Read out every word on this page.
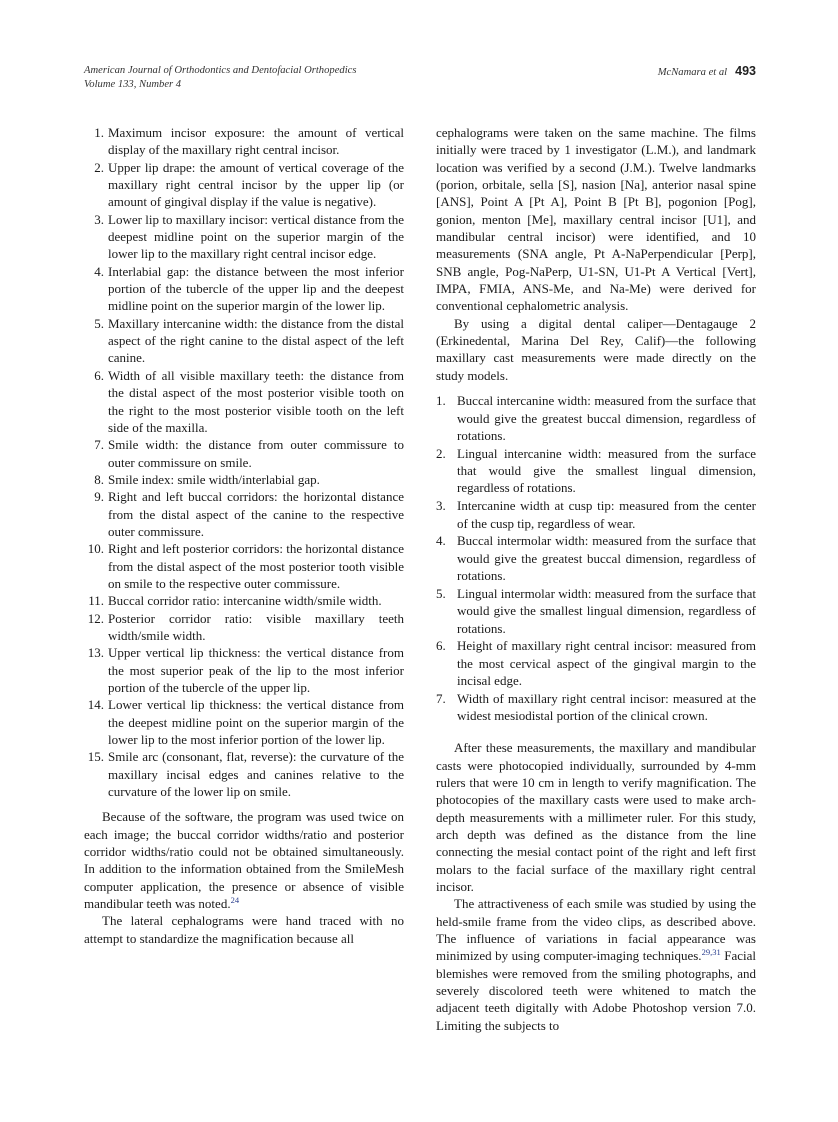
American Journal of Orthodontics and Dentofacial Orthopedics
Volume 133, Number 4
McNamara et al 493
1. Maximum incisor exposure: the amount of vertical display of the maxillary right central incisor.
2. Upper lip drape: the amount of vertical coverage of the maxillary right central incisor by the upper lip (or amount of gingival display if the value is negative).
3. Lower lip to maxillary incisor: vertical distance from the deepest midline point on the superior margin of the lower lip to the maxillary right central incisor edge.
4. Interlabial gap: the distance between the most inferior portion of the tubercle of the upper lip and the deepest midline point on the superior margin of the lower lip.
5. Maxillary intercanine width: the distance from the distal aspect of the right canine to the distal aspect of the left canine.
6. Width of all visible maxillary teeth: the distance from the distal aspect of the most posterior visible tooth on the right to the most posterior visible tooth on the left side of the maxilla.
7. Smile width: the distance from outer commissure to outer commissure on smile.
8. Smile index: smile width/interlabial gap.
9. Right and left buccal corridors: the horizontal distance from the distal aspect of the canine to the respective outer commissure.
10. Right and left posterior corridors: the horizontal distance from the distal aspect of the most posterior tooth visible on smile to the respective outer commissure.
11. Buccal corridor ratio: intercanine width/smile width.
12. Posterior corridor ratio: visible maxillary teeth width/smile width.
13. Upper vertical lip thickness: the vertical distance from the most superior peak of the lip to the most inferior portion of the tubercle of the upper lip.
14. Lower vertical lip thickness: the vertical distance from the deepest midline point on the superior margin of the lower lip to the most inferior portion of the lower lip.
15. Smile arc (consonant, flat, reverse): the curvature of the maxillary incisal edges and canines relative to the curvature of the lower lip on smile.

Because of the software, the program was used twice on each image; the buccal corridor widths/ratio and posterior corridor widths/ratio could not be obtained simultaneously. In addition to the information obtained from the SmileMesh computer application, the presence or absence of visible mandibular teeth was noted.$^{24}$

The lateral cephalograms were hand traced with no attempt to standardize the magnification because all

cephalograms were taken on the same machine. The films initially were traced by 1 investigator (L.M.), and landmark location was verified by a second (J.M.). Twelve landmarks (porion, orbitale, sella [S], nasion [Na], anterior nasal spine [ANS], Point A [Pt A], Point B [Pt B], pogonion [Pog], gonion, menton [Me], maxillary central incisor [U1], and mandibular central incisor) were identified, and 10 measurements (SNA angle, Pt A-NaPerpendicular [Perp], SNB angle, Pog-NaPerp, U1-SN, U1-Pt A Vertical [Vert], IMPA, FMIA, ANS-Me, and Na-Me) were derived for conventional cephalometric analysis.

By using a digital dental caliper—Dentagauge 2 (Erkinedental, Marina Del Rey, Calif)—the following maxillary cast measurements were made directly on the study models.

1. Buccal intercanine width: measured from the surface that would give the greatest buccal dimension, regardless of rotations.
2. Lingual intercanine width: measured from the surface that would give the smallest lingual dimension, regardless of rotations.
3. Intercanine width at cusp tip: measured from the center of the cusp tip, regardless of wear.
4. Buccal intermolar width: measured from the surface that would give the greatest buccal dimension, regardless of rotations.
5. Lingual intermolar width: measured from the surface that would give the smallest lingual dimension, regardless of rotations.
6. Height of maxillary right central incisor: measured from the most cervical aspect of the gingival margin to the incisal edge.
7. Width of maxillary right central incisor: measured at the widest mesiodistal portion of the clinical crown.

After these measurements, the maxillary and mandibular casts were photocopied individually, surrounded by 4-mm rulers that were 10 cm in length to verify magnification. The photocopies of the maxillary casts were used to make arch-depth measurements with a millimeter ruler. For this study, arch depth was defined as the distance from the line connecting the mesial contact point of the right and left first molars to the facial surface of the maxillary right central incisor.

The attractiveness of each smile was studied by using the held-smile frame from the video clips, as described above. The influence of variations in facial appearance was minimized by using computer-imaging techniques.$^{29,31}$ Facial blemishes were removed from the smiling photographs, and severely discolored teeth were whitened to match the adjacent teeth digitally with Adobe Photoshop version 7.0. Limiting the subjects to
